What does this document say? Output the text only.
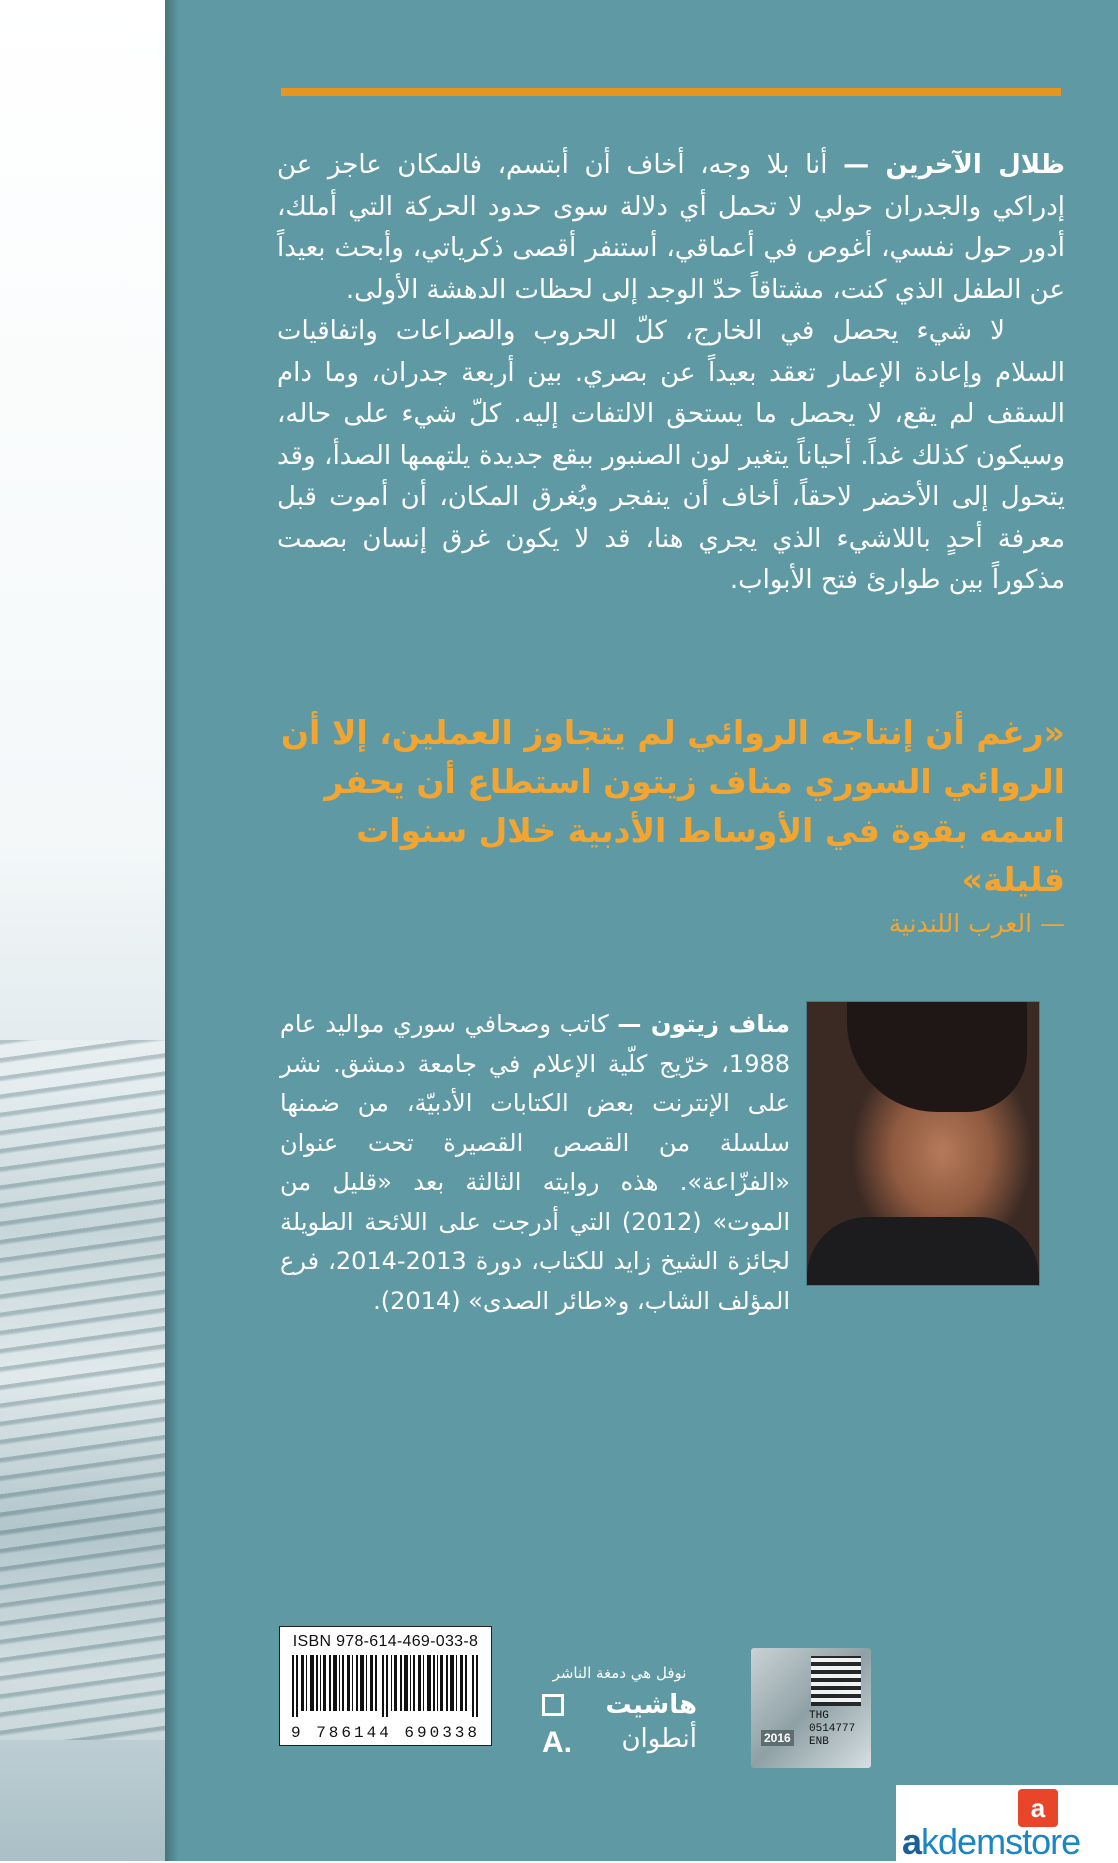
ظلال الآخرين — أنا بلا وجه، أخاف أن أبتسم، فالمكان عاجز عن إدراكي والجدران حولي لا تحمل أي دلالة سوى حدود الحركة التي أملك، أدور حول نفسي، أغوص في أعماقي، أستنفر أقصى ذكرياتي، وأبحث بعيداً عن الطفل الذي كنت، مشتاقاً حدّ الوجد إلى لحظات الدهشة الأولى.

لا شيء يحصل في الخارج، كلّ الحروب والصراعات واتفاقيات السلام وإعادة الإعمار تعقد بعيداً عن بصري. بين أربعة جدران، وما دام السقف لم يقع، لا يحصل ما يستحق الالتفات إليه. كلّ شيء على حاله، وسيكون كذلك غداً. أحياناً يتغير لون الصنبور ببقع جديدة يلتهمها الصدأ، وقد يتحول إلى الأخضر لاحقاً، أخاف أن ينفجر ويُغرق المكان، أن أموت قبل معرفة أحدٍ باللاشيء الذي يجري هنا، قد لا يكون غرق إنسان بصمت مذكوراً بين طوارئ فتح الأبواب.

«رغم أن إنتاجه الروائي لم يتجاوز العملين، إلا أن الروائي السوري مناف زيتون استطاع أن يحفر اسمه بقوة في الأوساط الأدبية خلال سنوات قليلة»
— العرب اللندنية
مناف زيتون — كاتب وصحافي سوري مواليد عام 1988، خرّيج كلّية الإعلام في جامعة دمشق. نشر على الإنترنت بعض الكتابات الأدبيّة، من ضمنها سلسلة من القصص القصيرة تحت عنوان «الفزّاعة». هذه روايته الثالثة بعد «قليل من الموت» (2012) التي أدرجت على اللائحة الطويلة لجائزة الشيخ زايد للكتاب، دورة 2013-2014، فرع المؤلف الشاب، و«طائر الصدى» (2014).
ISBN 978-614-469-033-8
9 786144 690338
نوفل هي دمغة الناشر
هاشيت
A. أنطوان
THG
0514777
ENB
2016
a
akdemstore
